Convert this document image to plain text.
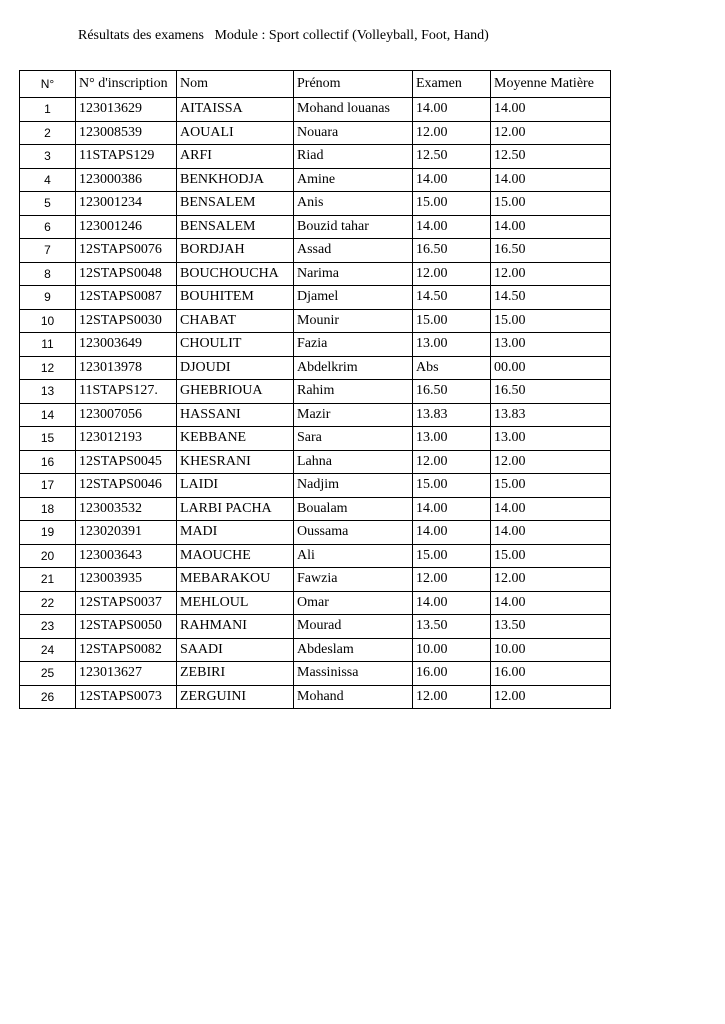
Résultats des examens   Module : Sport collectif (Volleyball, Foot, Hand)
N°	N° d'inscription	Nom	Prénom	Examen	Moyenne Matière
1	123013629	AITAISSA	Mohand louanas	14.00	14.00
2	123008539	AOUALI	Nouara	12.00	12.00
3	11STAPS129	ARFI	Riad	12.50	12.50
4	123000386	BENKHODJA	Amine	14.00	14.00
5	123001234	BENSALEM	Anis	15.00	15.00
6	123001246	BENSALEM	Bouzid tahar	14.00	14.00
7	12STAPS0076	BORDJAH	Assad	16.50	16.50
8	12STAPS0048	BOUCHOUCHA	Narima	12.00	12.00
9	12STAPS0087	BOUHITEM	Djamel	14.50	14.50
10	12STAPS0030	CHABAT	Mounir	15.00	15.00
11	123003649	CHOULIT	Fazia	13.00	13.00
12	123013978	DJOUDI	Abdelkrim	Abs	00.00
13	11STAPS127.	GHEBRIOUA	Rahim	16.50	16.50
14	123007056	HASSANI	Mazir	13.83	13.83
15	123012193	KEBBANE	Sara	13.00	13.00
16	12STAPS0045	KHESRANI	Lahna	12.00	12.00
17	12STAPS0046	LAIDI	Nadjim	15.00	15.00
18	123003532	LARBI PACHA	Boualam	14.00	14.00
19	123020391	MADI	Oussama	14.00	14.00
20	123003643	MAOUCHE	Ali	15.00	15.00
21	123003935	MEBARAKOU	Fawzia	12.00	12.00
22	12STAPS0037	MEHLOUL	Omar	14.00	14.00
23	12STAPS0050	RAHMANI	Mourad	13.50	13.50
24	12STAPS0082	SAADI	Abdeslam	10.00	10.00
25	123013627	ZEBIRI	Massinissa	16.00	16.00
26	12STAPS0073	ZERGUINI	Mohand	12.00	12.00
